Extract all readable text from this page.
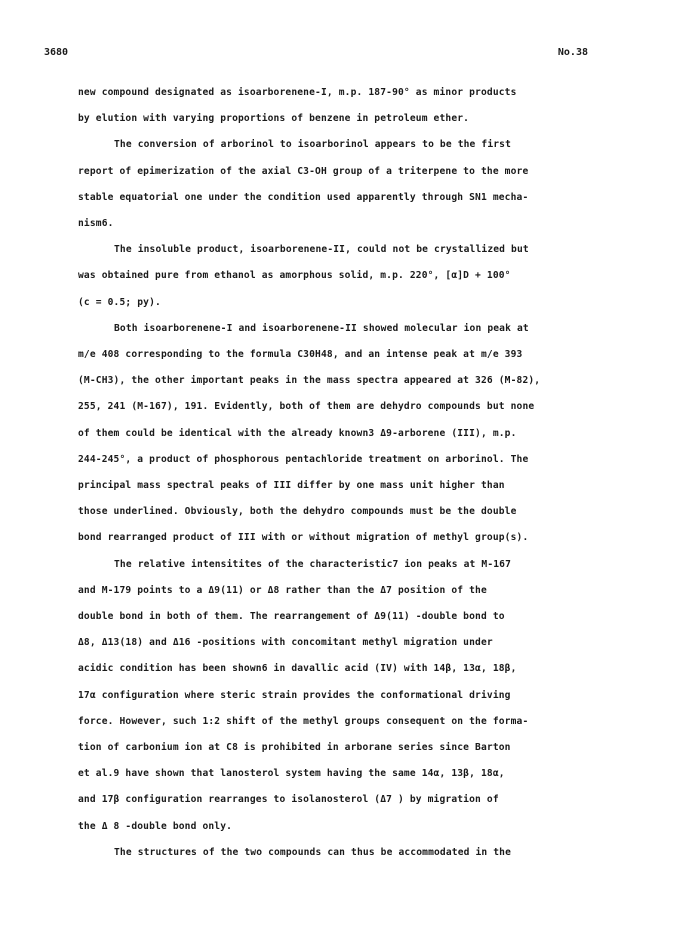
3680	No.38
new compound designated as isoarborenene-I, m.p. 187-90° as minor products
by elution with varying proportions of benzene in petroleum ether.
The conversion of arborinol to isoarborinol appears to be the first
report of epimerization of the axial C3-OH group of a triterpene to the more
stable equatorial one under the condition used apparently through SN1 mecha-
nism6.
The insoluble product, isoarborenene-II, could not be crystallized but
was obtained pure from ethanol as amorphous solid, m.p. 220°, [α]D + 100°
(c = 0.5; py).
Both isoarborenene-I and isoarborenene-II showed molecular ion peak at
m/e 408 corresponding to the formula C30H48, and an intense peak at m/e 393
(M-CH3), the other important peaks in the mass spectra appeared at 326 (M-82),
255, 241 (M-167), 191. Evidently, both of them are dehydro compounds but none
of them could be identical with the already known3 Δ9-arborene (III), m.p.
244-245°, a product of phosphorous pentachloride treatment on arborinol. The
principal mass spectral peaks of III differ by one mass unit higher than
those underlined. Obviously, both the dehydro compounds must be the double
bond rearranged product of III with or without migration of methyl group(s).
The relative intensitites of the characteristic7 ion peaks at M-167
and M-179 points to a Δ9(11) or Δ8 rather than the Δ7 position of the
double bond in both of them. The rearrangement of Δ9(11) -double bond to
Δ8, Δ13(18) and Δ16 -positions with concomitant methyl migration under
acidic condition has been shown6 in davallic acid (IV) with 14β, 13α, 18β,
17α configuration where steric strain provides the conformational driving
force. However, such 1:2 shift of the methyl groups consequent on the forma-
tion of carbonium ion at C8 is prohibited in arborane series since Barton
et al.9 have shown that lanosterol system having the same 14α, 13β, 18α,
and 17β configuration rearranges to isolanosterol (Δ7 ) by migration of
the Δ 8 -double bond only.
The structures of the two compounds can thus be accommodated in the
